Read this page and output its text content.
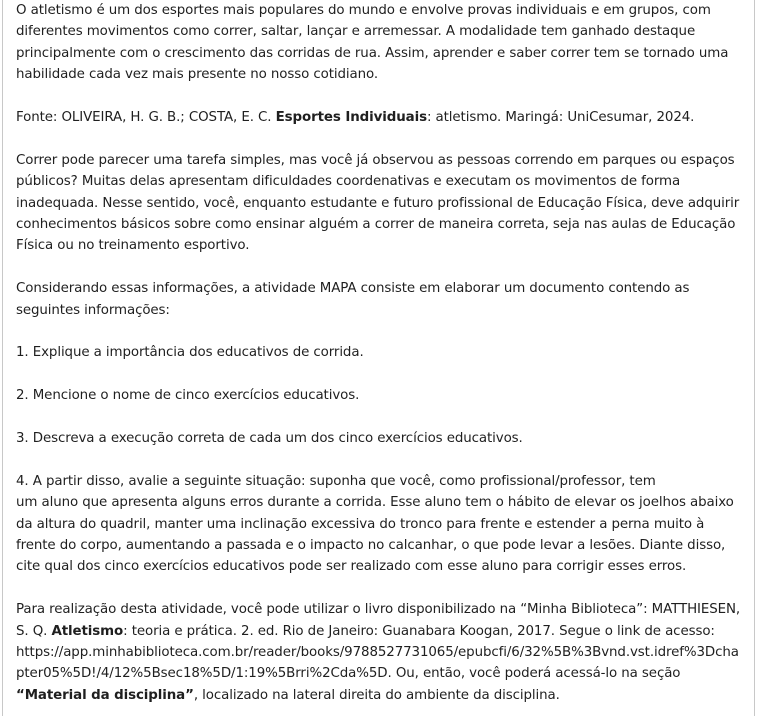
O atletismo é um dos esportes mais populares do mundo e envolve provas individuais e em grupos, com diferentes movimentos como correr, saltar, lançar e arremessar. A modalidade tem ganhado destaque principalmente com o crescimento das corridas de rua. Assim, aprender e saber correr tem se tornado uma habilidade cada vez mais presente no nosso cotidiano.

Fonte: OLIVEIRA, H. G. B.; COSTA, E. C. Esportes Individuais: atletismo. Maringá: UniCesumar, 2024.

Correr pode parecer uma tarefa simples, mas você já observou as pessoas correndo em parques ou espaços públicos? Muitas delas apresentam dificuldades coordenativas e executam os movimentos de forma inadequada. Nesse sentido, você, enquanto estudante e futuro profissional de Educação Física, deve adquirir conhecimentos básicos sobre como ensinar alguém a correr de maneira correta, seja nas aulas de Educação Física ou no treinamento esportivo.

Considerando essas informações, a atividade MAPA consiste em elaborar um documento contendo as seguintes informações:

1. Explique a importância dos educativos de corrida.

2. Mencione o nome de cinco exercícios educativos.

3. Descreva a execução correta de cada um dos cinco exercícios educativos.

4. A partir disso, avalie a seguinte situação: suponha que você, como profissional/professor, tem
um aluno que apresenta alguns erros durante a corrida. Esse aluno tem o hábito de elevar os joelhos abaixo da altura do quadril, manter uma inclinação excessiva do tronco para frente e estender a perna muito à frente do corpo, aumentando a passada e o impacto no calcanhar, o que pode levar a lesões. Diante disso, cite qual dos cinco exercícios educativos pode ser realizado com esse aluno para corrigir esses erros.

Para realização desta atividade, você pode utilizar o livro disponibilizado na “Minha Biblioteca”: MATTHIESEN, S. Q. Atletismo: teoria e prática. 2. ed. Rio de Janeiro: Guanabara Koogan, 2017. Segue o link de acesso:
https://app.minhabiblioteca.com.br/reader/books/9788527731065/epubcfi/6/32%5B%3Bvnd.vst.idref%3Dchapter05%5D!/4/12%5Bsec18%5D/1:19%5Brri%2Cda%5D. Ou, então, você poderá acessá-lo na seção “Material da disciplina”, localizado na lateral direita do ambiente da disciplina.
